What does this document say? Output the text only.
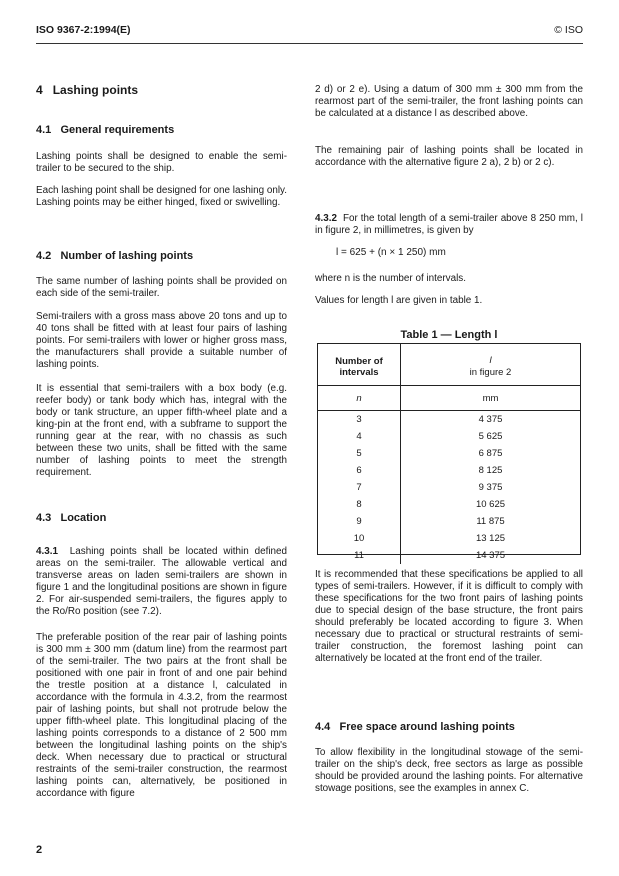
ISO 9367-2:1994(E)	© ISO
4 Lashing points
4.1 General requirements

Lashing points shall be designed to enable the semi-trailer to be secured to the ship.

Each lashing point shall be designed for one lashing only. Lashing points may be either hinged, fixed or swivelling.

4.2 Number of lashing points

The same number of lashing points shall be provided on each side of the semi-trailer.

Semi-trailers with a gross mass above 20 tons and up to 40 tons shall be fitted with at least four pairs of lashing points. For semi-trailers with lower or higher gross mass, the manufacturers shall provide a suitable number of lashing points.

It is essential that semi-trailers with a box body (e.g. reefer body) or tank body which has, integral with the body or tank structure, an upper fifth-wheel plate and a king-pin at the front end, with a subframe to support the running gear at the rear, with no chassis as such between these two units, shall be fitted with the same number of lashing points to meet the strength requirement.

4.3 Location

4.3.1 Lashing points shall be located within defined areas on the semi-trailer. The allowable vertical and transverse areas on laden semi-trailers are shown in figure 1 and the longitudinal positions are shown in figure 2. For air-suspended semi-trailers, the figures apply to the Ro/Ro position (see 7.2).

The preferable position of the rear pair of lashing points is 300 mm ± 300 mm (datum line) from the rearmost part of the semi-trailer. The two pairs at the front shall be positioned with one pair in front of and one pair behind the trestle position at a distance l, calculated in accordance with the formula in 4.3.2, from the rearmost pair of lashing points, but shall not protrude below the upper fifth-wheel plate. This longitudinal placing of the lashing points corresponds to a distance of 2 500 mm between the longitudinal lashing points on the ship's deck. When necessary due to practical or structural restraints of the semi-trailer construction, the rearmost lashing points can, alternatively, be positioned in accordance with figure

2 d) or 2 e). Using a datum of 300 mm ± 300 mm from the rearmost part of the semi-trailer, the front lashing points can be calculated at a distance l as described above.

The remaining pair of lashing points shall be located in accordance with the alternative figure 2 a), 2 b) or 2 c).

4.3.2 For the total length of a semi-trailer above 8 250 mm, l in figure 2, in millimetres, is given by

l = 625 + (n × 1 250) mm

where n is the number of intervals.

Values for length l are given in table 1.

Table 1 — Length l
Number of intervals	l
in figure 2

n	mm
3	4 375
4	5 625
5	6 875
6	8 125
7	9 375
8	10 625
9	11 875
10	13 125
11	14 375

It is recommended that these specifications be applied to all types of semi-trailers. However, if it is difficult to comply with these specifications for the two front pairs of lashing points due to special design of the base structure, the front pairs should preferably be located according to figure 3. When necessary due to practical or structural restraints of semi-trailer construction, the foremost lashing point can alternatively be located at the front end of the trailer.

4.4 Free space around lashing points

To allow flexibility in the longitudinal stowage of the semi-trailer on the ship's deck, free sectors as large as possible should be provided around the lashing points. For alternative stowage positions, see the examples in annex C.

2
